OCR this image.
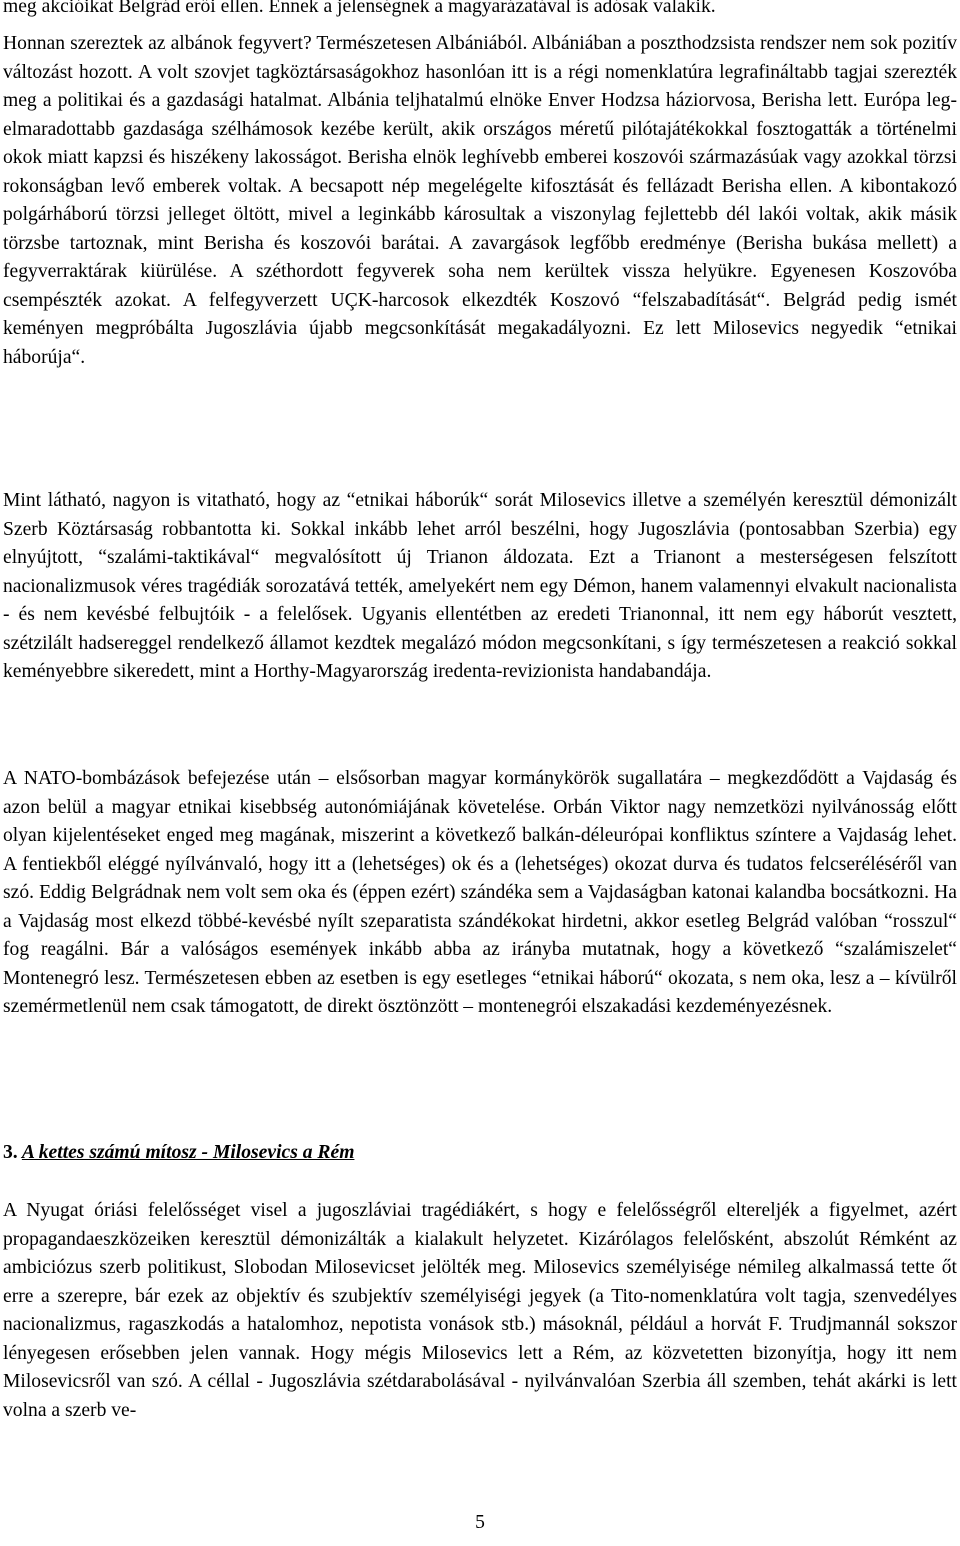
meg akcióikat Belgrád erői ellen. Ennek a jelenségnek a magyarázatával is adósak valakik.

Honnan szereztek az albánok fegyvert? Természetesen Albániából. Albániában a poszthodzsista rendszer nem sok pozitív változást hozott. A volt szovjet tagköztársaságokhoz hasonlóan itt is a régi nomenklatúra legrafináltabb tagjai szerezték meg a politikai és a gazdasági hatalmat. Albánia teljhatalmú elnöke Enver Hodzsa háziorvosa, Berisha lett. Európa legelmaradottabb gazdasága szélhámosok kezébe került, akik országos méretű pilótajátékokkal fosztogatták a történelmi okok miatt kapzsi és hiszékeny lakosságot. Berisha elnök leghívebb emberei koszovói származásúak vagy azokkal törzsi rokonságban levő emberek voltak. A becsapott nép megelégelte kifosztását és fellázadt Berisha ellen. A kibontakozó polgárháború törzsi jelleget öltött, mivel a leginkább károsultak a viszonylag fejlettebb dél lakói voltak, akik másik törzsbe tartoznak, mint Berisha és koszovói barátai. A zavargások legfőbb eredménye (Berisha bukása mellett) a fegyverraktárak kiürülése. A széthordott fegyverek soha nem kerültek vissza helyükre. Egyenesen Koszovóba csempészték azokat. A felfegyverzett UÇK-harcosok elkezdték Koszovó “felszabadítását“. Belgrád pedig ismét keményen megpróbálta Jugoszlávia újabb megcsonkítását megakadályozni. Ez lett Milosevics negyedik “etnikai háborúja“.

Mint látható, nagyon is vitatható, hogy az “etnikai háborúk“ sorát Milosevics illetve a személyén keresztül démonizált Szerb Köztársaság robbantotta ki. Sokkal inkább lehet arról beszélni, hogy Jugoszlávia (pontosabban Szerbia) egy elnyújtott, “szalámi-taktikával“ megvalósított új Trianon áldozata. Ezt a Trianont a mesterségesen felszított nacionalizmusok véres tragédiák sorozatává tették, amelyekért nem egy Démon, hanem valamennyi elvakult nacionalista - és nem kevésbé felbujtóik - a felelősek. Ugyanis ellentétben az eredeti Trianonnal, itt nem egy háborút vesztett, szétzilált hadsereggel rendelkező államot kezdtek megalázó módon megcsonkítani, s így természetesen a reakció sokkal keményebbre sikeredett, mint a Horthy-Magyarország iredenta-revizionista handabandája.

A NATO-bombázások befejezése után – elsősorban magyar kormánykörök sugallatára – megkezdődött a Vajdaság és azon belül a magyar etnikai kisebbség autonómiájának követelése. Orbán Viktor nagy nemzetközi nyilvánosság előtt olyan kijelentéseket enged meg magának, miszerint a következő balkán-déleurópai konfliktus színtere a Vajdaság lehet. A fentiekből eléggé nyílvánvaló, hogy itt a (lehetséges) ok és a (lehetséges) okozat durva és tudatos felcseréléséről van szó. Eddig Belgrádnak nem volt sem oka és (éppen ezért) szándéka sem a Vajdaságban katonai kalandba bocsátkozni. Ha a Vajdaság most elkezd többé-kevésbé nyílt szeparatista szándékokat hirdetni, akkor esetleg Belgrád valóban “rosszul“ fog reagálni. Bár a valóságos események inkább abba az irányba mutatnak, hogy a következő “szalámiszelet“ Montenegró lesz. Természetesen ebben az esetben is egy esetleges “etnikai háború“ okozata, s nem oka, lesz a – kívülről szemérmetlenül nem csak támogatott, de direkt ösztönzött – montenegrói elszakadási kezdeményezésnek.

3. A kettes számú mítosz - Milosevics a Rém

A Nyugat óriási felelősséget visel a jugoszláviai tragédiákért, s hogy e felelősségről eltereljék a figyelmet, azért propagandaeszközeiken keresztül démonizálták a kialakult helyzetet. Kizárólagos felelősként, abszolút Rémként az ambiciózus szerb politikust, Slobodan Milosevicset jelölték meg. Milosevics személyisége némileg alkalmassá tette őt erre a szerepre, bár ezek az objektív és szubjektív személyiségi jegyek (a Tito-nomenklatúra volt tagja, szenvedélyes nacionalizmus, ragaszkodás a hatalomhoz, nepotista vonások stb.) másoknál, például a horvát F. Trudjmannál sokszor lényegesen erősebben jelen vannak. Hogy mégis Milosevics lett a Rém, az közvetetten bizonyítja, hogy itt nem Milosevicsről van szó. A céllal - Jugoszlávia szétdarabolásával - nyilvánvalóan Szerbia áll szemben, tehát akárki is lett volna a szerb ve-

5
